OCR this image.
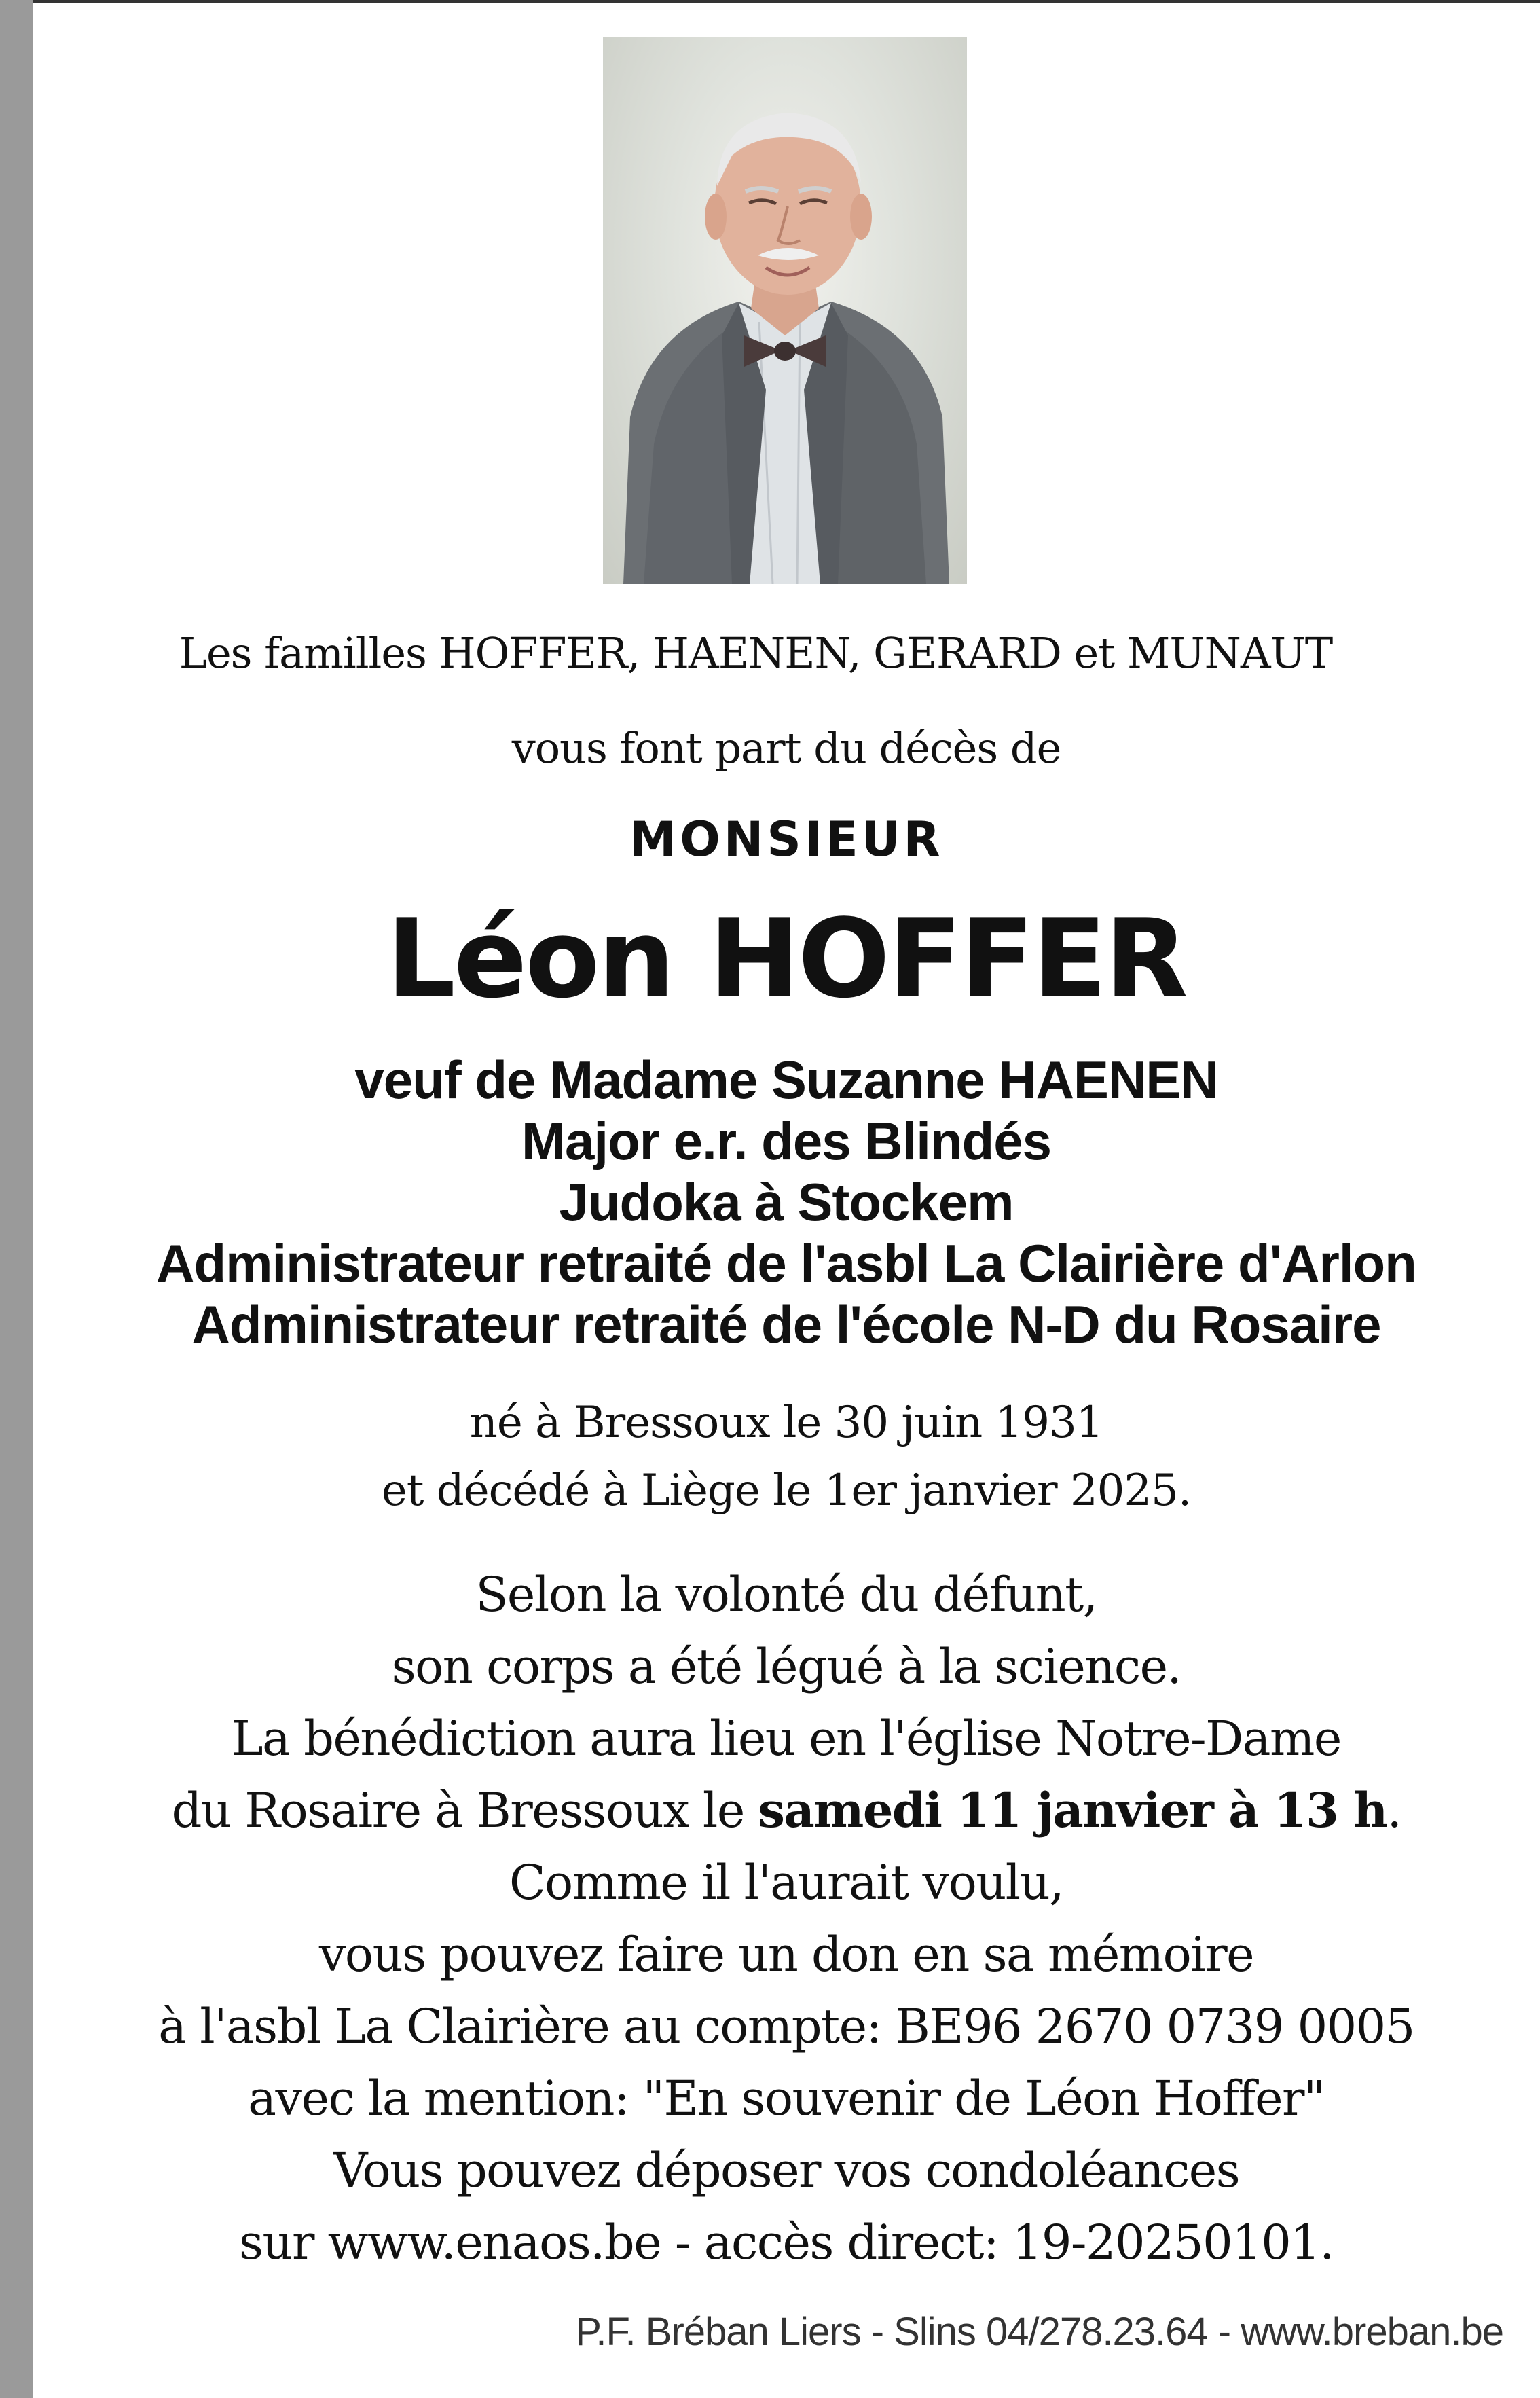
Les familles HOFFER, HAENEN, GERARD et MUNAUT
vous font part du décès de
MONSIEUR
Léon HOFFER
veuf de Madame Suzanne HAENEN
Major e.r. des Blindés
Judoka à Stockem
Administrateur retraité de l'asbl La Clairière d'Arlon
Administrateur retraité de l'école N-D du Rosaire
né à Bressoux le 30 juin 1931
et décédé à Liège le 1er janvier 2025.
Selon la volonté du défunt,
son corps a été légué à la science.
La bénédiction aura lieu en l'église Notre-Dame
du Rosaire à Bressoux le samedi 11 janvier à 13 h.
Comme il l'aurait voulu,
vous pouvez faire un don en sa mémoire
à l'asbl La Clairière au compte: BE96 2670 0739 0005
avec la mention: "En souvenir de Léon Hoffer"
Vous pouvez déposer vos condoléances
sur www.enaos.be - accès direct: 19-20250101.
P.F. Bréban Liers - Slins 04/278.23.64 - www.breban.be
